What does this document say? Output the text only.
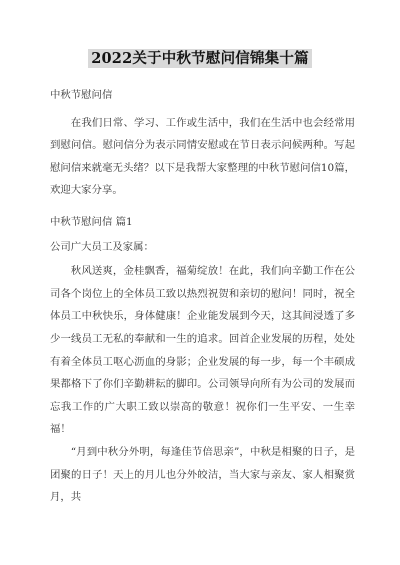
2022关于中秋节慰问信锦集十篇

中秋节慰问信

在我们日常、学习、工作或生活中，我们在生活中也会经常用到慰问信。慰问信分为表示同情安慰或在节日表示问候两种。写起慰问信来就毫无头绪？以下是我帮大家整理的中秋节慰问信10篇，欢迎大家分享。

中秋节慰问信 篇1

公司广大员工及家属：

秋风送爽，金桂飘香，福菊绽放！在此，我们向辛勤工作在公司各个岗位上的全体员工致以热烈祝贺和亲切的慰问！同时，祝全体员工中秋快乐，身体健康！企业能发展到今天，这其间浸透了多少一线员工无私的奉献和一生的追求。回首企业发展的历程，处处有着全体员工呕心沥血的身影；企业发展的每一步，每一个丰硕成果都格下了你们辛勤耕耘的脚印。公司领导向所有为公司的发展而忘我工作的广大职工致以崇高的敬意！祝你们一生平安、一生幸福！

“月到中秋分外明，每逢佳节倍思亲”，中秋是相聚的日子，是团聚的日子！天上的月儿也分外皎洁，当大家与亲友、家人相聚赏月，共
